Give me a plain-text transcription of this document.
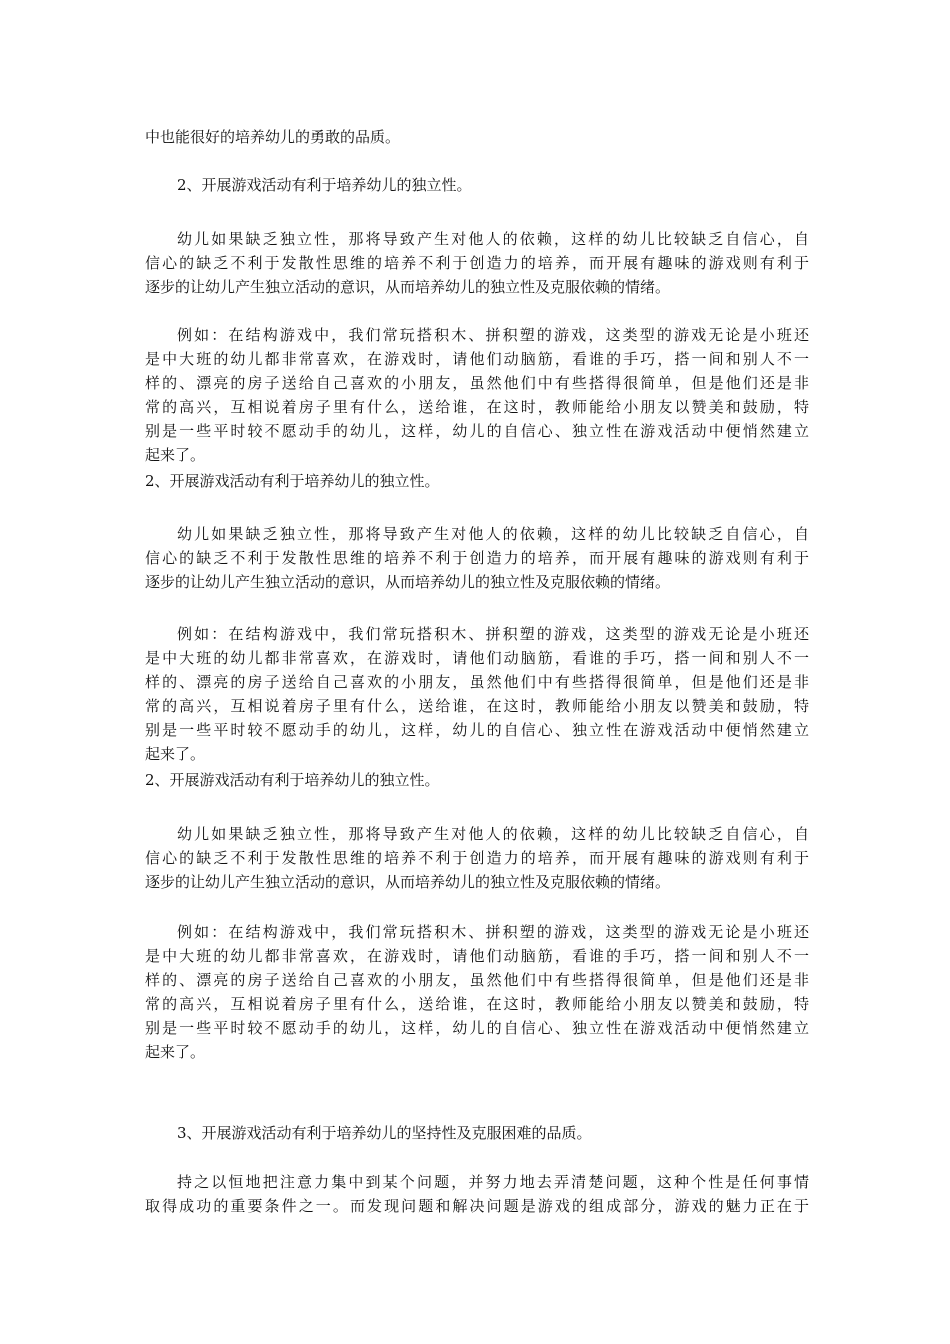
中也能很好的培养幼儿的勇敢的品质。
2、开展游戏活动有利于培养幼儿的独立性。
幼儿如果缺乏独立性，那将导致产生对他人的依赖，这样的幼儿比较缺乏自信心，自
信心的缺乏不利于发散性思维的培养不利于创造力的培养，而开展有趣味的游戏则有利于
逐步的让幼儿产生独立活动的意识，从而培养幼儿的独立性及克服依赖的情绪。
例如：在结构游戏中，我们常玩搭积木、拼积塑的游戏，这类型的游戏无论是小班还
是中大班的幼儿都非常喜欢，在游戏时，请他们动脑筋，看谁的手巧，搭一间和别人不一
样的、漂亮的房子送给自己喜欢的小朋友，虽然他们中有些搭得很简单，但是他们还是非
常的高兴，互相说着房子里有什么，送给谁，在这时，教师能给小朋友以赞美和鼓励，特
别是一些平时较不愿动手的幼儿，这样，幼儿的自信心、独立性在游戏活动中便悄然建立
起来了。
2、开展游戏活动有利于培养幼儿的独立性。
幼儿如果缺乏独立性，那将导致产生对他人的依赖，这样的幼儿比较缺乏自信心，自
信心的缺乏不利于发散性思维的培养不利于创造力的培养，而开展有趣味的游戏则有利于
逐步的让幼儿产生独立活动的意识，从而培养幼儿的独立性及克服依赖的情绪。
例如：在结构游戏中，我们常玩搭积木、拼积塑的游戏，这类型的游戏无论是小班还
是中大班的幼儿都非常喜欢，在游戏时，请他们动脑筋，看谁的手巧，搭一间和别人不一
样的、漂亮的房子送给自己喜欢的小朋友，虽然他们中有些搭得很简单，但是他们还是非
常的高兴，互相说着房子里有什么，送给谁，在这时，教师能给小朋友以赞美和鼓励，特
别是一些平时较不愿动手的幼儿，这样，幼儿的自信心、独立性在游戏活动中便悄然建立
起来了。
2、开展游戏活动有利于培养幼儿的独立性。
幼儿如果缺乏独立性，那将导致产生对他人的依赖，这样的幼儿比较缺乏自信心，自
信心的缺乏不利于发散性思维的培养不利于创造力的培养，而开展有趣味的游戏则有利于
逐步的让幼儿产生独立活动的意识，从而培养幼儿的独立性及克服依赖的情绪。
例如：在结构游戏中，我们常玩搭积木、拼积塑的游戏，这类型的游戏无论是小班还
是中大班的幼儿都非常喜欢，在游戏时，请他们动脑筋，看谁的手巧，搭一间和别人不一
样的、漂亮的房子送给自己喜欢的小朋友，虽然他们中有些搭得很简单，但是他们还是非
常的高兴，互相说着房子里有什么，送给谁，在这时，教师能给小朋友以赞美和鼓励，特
别是一些平时较不愿动手的幼儿，这样，幼儿的自信心、独立性在游戏活动中便悄然建立
起来了。
3、开展游戏活动有利于培养幼儿的坚持性及克服困难的品质。
持之以恒地把注意力集中到某个问题，并努力地去弄清楚问题，这种个性是任何事情
取得成功的重要条件之一。而发现问题和解决问题是游戏的组成部分，游戏的魅力正在于
